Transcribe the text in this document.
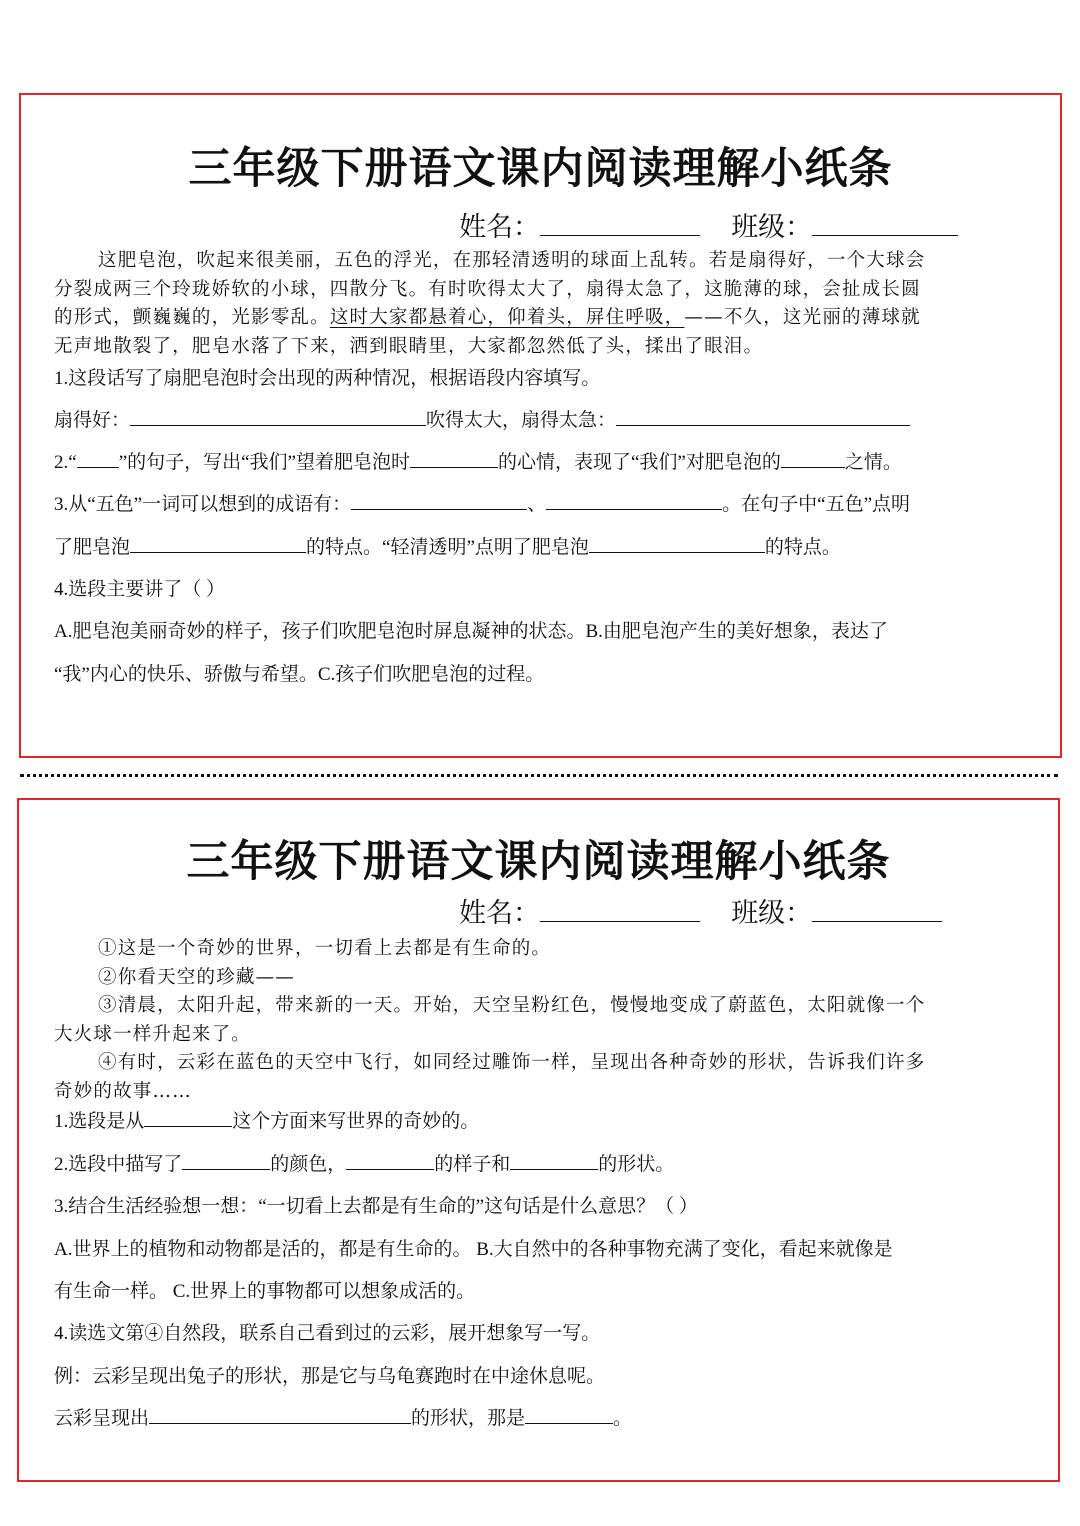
三年级下册语文课内阅读理解小纸条
姓名：	班级：
这肥皂泡，吹起来很美丽，五色的浮光，在那轻清透明的球面上乱转。若是扇得好，一个大球会
分裂成两三个玲珑娇软的小球，四散分飞。有时吹得太大了，扇得太急了，这脆薄的球，会扯成长圆
的形式，颤巍巍的，光影零乱。这时大家都悬着心，仰着头，屏住呼吸，——不久，这光丽的薄球就
无声地散裂了，肥皂水落了下来，洒到眼睛里，大家都忽然低了头，揉出了眼泪。
1.这段话写了扇肥皂泡时会出现的两种情况，根据语段内容填写。
扇得好：	吹得太大，扇得太急：
2.“ ”的句子，写出“我们”望着肥皂泡时	的心情，表现了“我们”对肥皂泡的	之情。
3.从“五色”一词可以想到的成语有：	、	。在句子中“五色”点明
了肥皂泡	的特点。“轻清透明”点明了肥皂泡	的特点。
4.选段主要讲了（ ）
A.肥皂泡美丽奇妙的样子，孩子们吹肥皂泡时屏息凝神的状态。B.由肥皂泡产生的美好想象，表达了
“我”内心的快乐、骄傲与希望。C.孩子们吹肥皂泡的过程。
三年级下册语文课内阅读理解小纸条
姓名：	班级：
①这是一个奇妙的世界，一切看上去都是有生命的。
②你看天空的珍藏——
③清晨，太阳升起，带来新的一天。开始，天空呈粉红色，慢慢地变成了蔚蓝色，太阳就像一个
大火球一样升起来了。
④有时，云彩在蓝色的天空中飞行，如同经过雕饰一样，呈现出各种奇妙的形状，告诉我们许多
奇妙的故事……
1.选段是从	这个方面来写世界的奇妙的。
2.选段中描写了	的颜色，	的样子和	的形状。
3.结合生活经验想一想：“一切看上去都是有生命的”这句话是什么意思？（ ）
A.世界上的植物和动物都是活的，都是有生命的。 B.大自然中的各种事物充满了变化，看起来就像是
有生命一样。 C.世界上的事物都可以想象成活的。
4.读选文第④自然段，联系自己看到过的云彩，展开想象写一写。
例：云彩呈现出兔子的形状，那是它与乌龟赛跑时在中途休息呢。
云彩呈现出	的形状，那是	。
